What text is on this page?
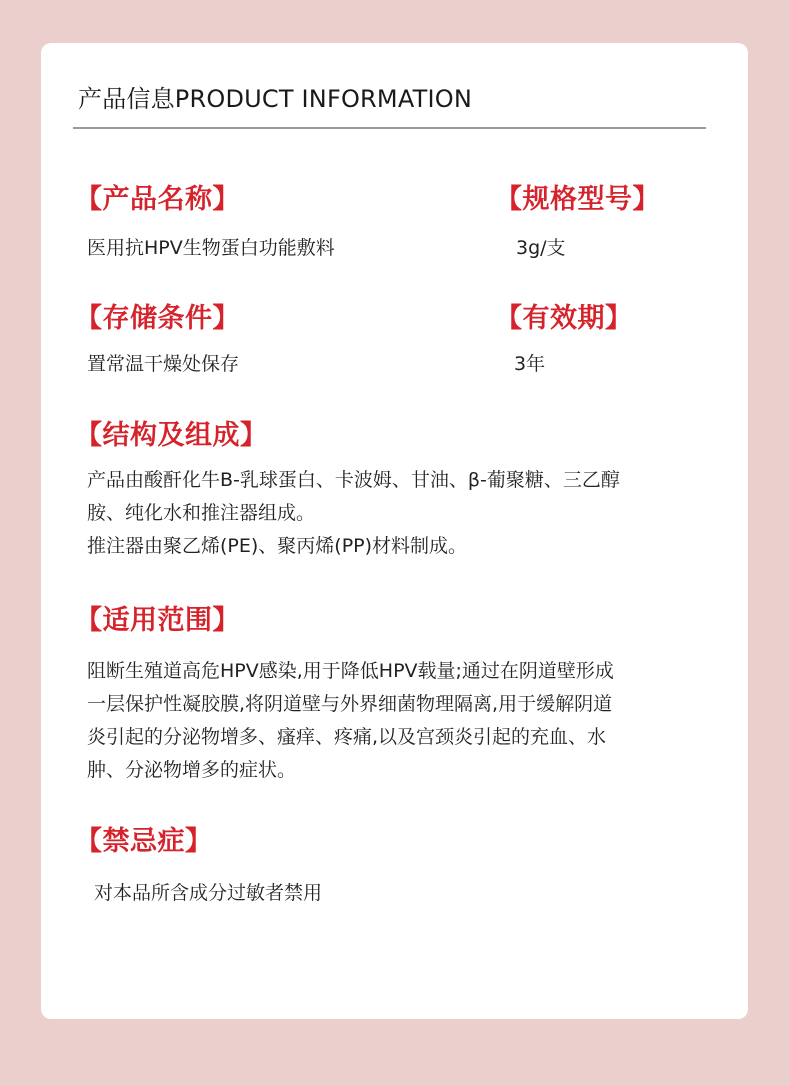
产品信息PRODUCT INFORMATION
【产品名称】
医用抗HPV生物蛋白功能敷料
【规格型号】
3g/支
【存储条件】
置常温干燥处保存
【有效期】
3年
【结构及组成】
产品由酸酐化牛B-乳球蛋白、卡波姆、甘油、β-葡聚糖、三乙醇
胺、纯化水和推注器组成。
推注器由聚乙烯(PE)、聚丙烯(PP)材料制成。
【适用范围】
阻断生殖道高危HPV感染,用于降低HPV载量;通过在阴道壁形成
一层保护性凝胶膜,将阴道壁与外界细菌物理隔离,用于缓解阴道
炎引起的分泌物增多、瘙痒、疼痛,以及宫颈炎引起的充血、水
肿、分泌物增多的症状。
【禁忌症】
对本品所含成分过敏者禁用
